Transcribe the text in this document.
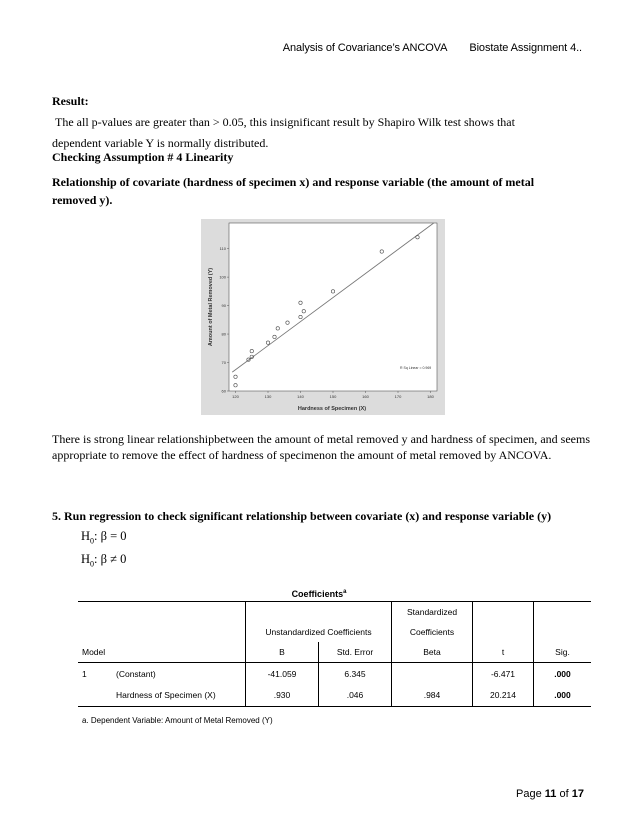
Analysis of Covariance’s ANCOVA Biostate Assignment 4..
Result:
The all p-values are greater than > 0.05, this insignificant result by Shapiro Wilk test shows that
dependent variable Y is normally distributed.
Checking Assumption # 4 Linearity
Relationship of covariate (hardness of specimen x) and response variable (the amount of metal removed y).
60
70
80
90
100
110
120	130	140	150	160	170	180
R Sq Linear = 0.969
Hardness of Specimen (X)
Amount of Metal Removed (Y)
There is strong linear relationshipbetween the amount of metal removed y and hardness of specimen, and seems appropriate to remove the effect of hardness of specimenon the amount of metal removed by ANCOVA.
5. Run regression to check significant relationship between covariate (x) and response variable (y)
$H_0$: β = 0
$H_0$: β ≠ 0
Coefficients$^a$
				Standardized		
		Unstandardized Coefficients		Coefficients		
Model		B	Std. Error	Beta	t	Sig.
1	(Constant)	-41.059	6.345		-6.471	.000
	Hardness of Specimen (X)	.930	.046	.984	20.214	.000
a. Dependent Variable: Amount of Metal Removed (Y)
Page 11 of 17
